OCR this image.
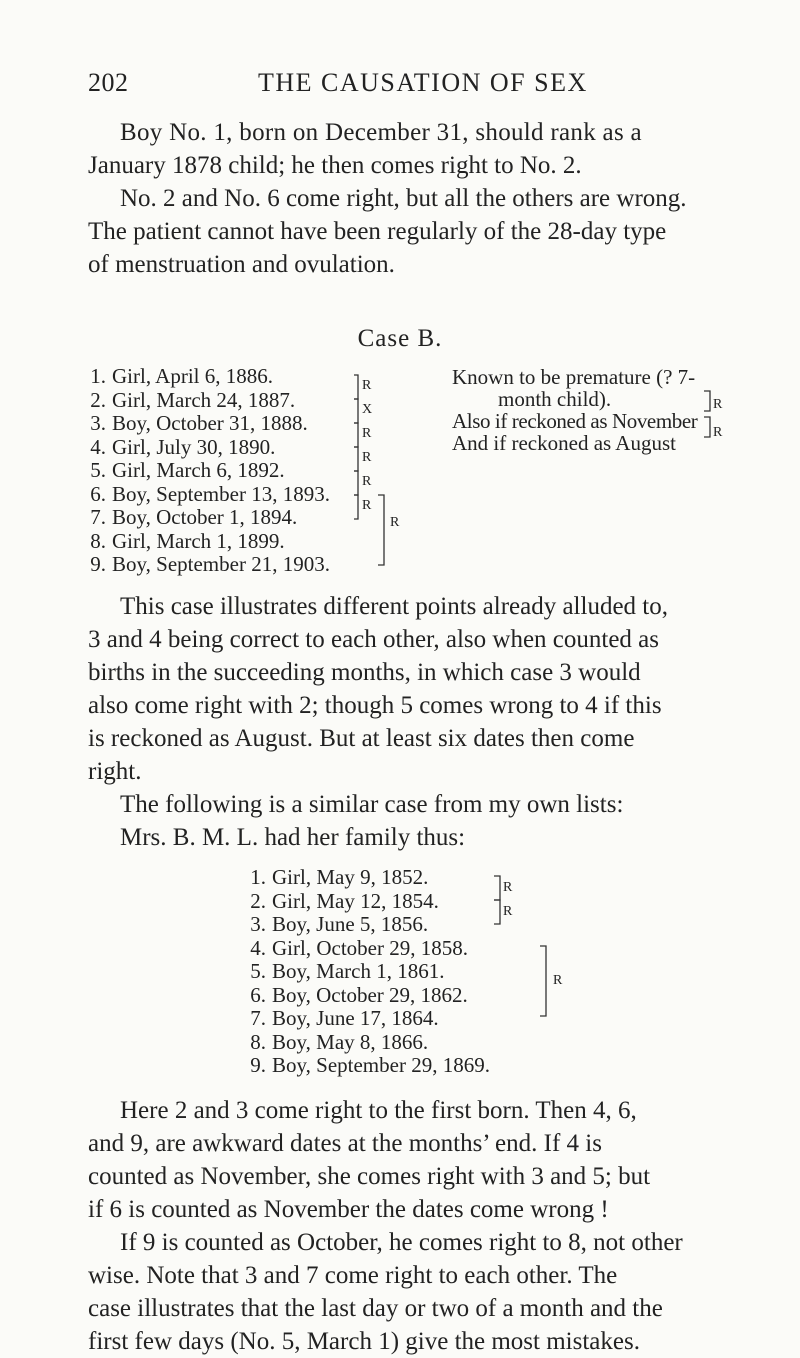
202	THE CAUSATION OF SEX
Boy No. 1, born on December 31, should rank as a
January 1878 child; he then comes right to No. 2.
No. 2 and No. 6 come right, but all the others are wrong.
The patient cannot have been regularly of the 28-day type
of menstruation and ovulation.
Case B.
1. Girl, April 6, 1886.
2. Girl, March 24, 1887.
3. Boy, October 31, 1888.
4. Girl, July 30, 1890.
5. Girl, March 6, 1892.
6. Boy, September 13, 1893.
7. Boy, October 1, 1894.
8. Girl, March 1, 1899.
9. Boy, September 21, 1903.
R
X
R
R
R
R
R
Known to be premature (? 7-
month child).
Also if reckoned as November
And if reckoned as August
R
R
This case illustrates different points already alluded to,
3 and 4 being correct to each other, also when counted as
births in the succeeding months, in which case 3 would
also come right with 2; though 5 comes wrong to 4 if this
is reckoned as August. But at least six dates then come
right.
The following is a similar case from my own lists:
Mrs. B. M. L. had her family thus:
1. Girl, May 9, 1852.
2. Girl, May 12, 1854.
3. Boy, June 5, 1856.
4. Girl, October 29, 1858.
5. Boy, March 1, 1861.
6. Boy, October 29, 1862.
7. Boy, June 17, 1864.
8. Boy, May 8, 1866.
9. Boy, September 29, 1869.
R
R
R
Here 2 and 3 come right to the first born. Then 4, 6,
and 9, are awkward dates at the months’ end. If 4 is
counted as November, she comes right with 3 and 5; but
if 6 is counted as November the dates come wrong !
If 9 is counted as October, he comes right to 8, not other
wise. Note that 3 and 7 come right to each other. The
case illustrates that the last day or two of a month and the
first few days (No. 5, March 1) give the most mistakes.
